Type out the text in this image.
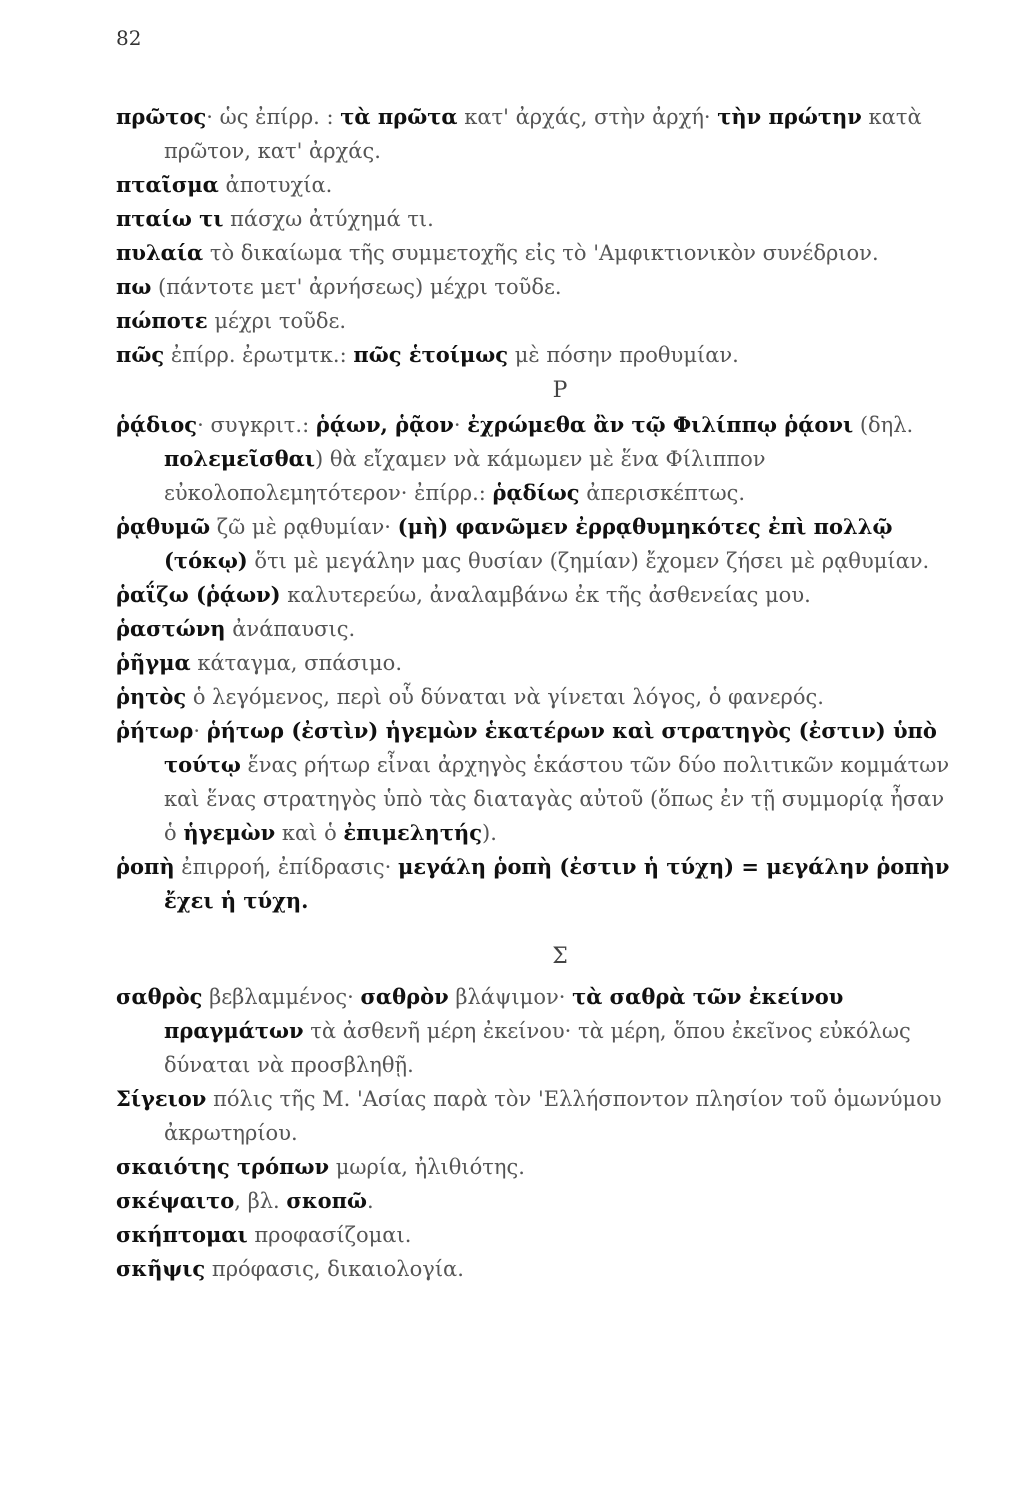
82

πρῶτος· ὡς ἐπίρρ. : τὰ πρῶτα κατ' ἀρχάς, στὴν ἀρχή· τὴν πρώτην κατὰ πρῶτον, κατ' ἀρχάς.

πταῖσμα ἀποτυχία.

πταίω τι πάσχω ἀτύχημά τι.

πυλαία τὸ δικαίωμα τῆς συμμετοχῆς εἰς τὸ 'Αμφικτιονικὸν συνέδριον.

πω (πάντοτε μετ' ἀρνήσεως) μέχρι τοῦδε.

πώποτε μέχρι τοῦδε.

πῶς ἐπίρρ. ἐρωτμτκ.: πῶς ἑτοίμως μὲ πόσην προθυμίαν.

Ρ

ῥᾴδιος· συγκριτ.: ῥᾴων, ῥᾷον· ἐχρώμεθα ἂν τῷ Φιλίππῳ ῥᾴονι (δηλ. πολεμεῖσθαι) θὰ εἴχαμεν νὰ κάμωμεν μὲ ἕνα Φίλιππον εὐκολοπολεμητότερον· ἐπίρρ.: ῥᾳδίως ἀπερισκέπτως.

ῥᾳθυμῶ ζῶ μὲ ρᾳθυμίαν· (μὴ) φανῶμεν ἐρρᾳθυμηκότες ἐπὶ πολλῷ (τόκῳ) ὅτι μὲ μεγάλην μας θυσίαν (ζημίαν) ἔχομεν ζήσει μὲ ρᾳθυμίαν.

ῥαΐζω (ῥᾴων) καλυτερεύω, ἀναλαμβάνω ἐκ τῆς ἀσθενείας μου.

ῥαστώνη ἀνάπαυσις.

ῥῆγμα κάταγμα, σπάσιμο.

ῥητὸς ὁ λεγόμενος, περὶ οὗ δύναται νὰ γίνεται λόγος, ὁ φανερός.

ῥήτωρ· ῥήτωρ (ἐστὶν) ἡγεμὼν ἑκατέρων καὶ στρατηγὸς (ἐστιν) ὑπὸ τούτῳ ἕνας ρήτωρ εἶναι ἀρχηγὸς ἑκάστου τῶν δύο πολιτικῶν κομμάτων καὶ ἕνας στρατηγὸς ὑπὸ τὰς διαταγὰς αὐτοῦ (ὅπως ἐν τῇ συμμορίᾳ ἦσαν ὁ ἡγεμὼν καὶ ὁ ἐπιμελητής).

ῥοπὴ ἐπιρροή, ἐπίδρασις· μεγάλη ῥοπὴ (ἐστιν ἡ τύχη) = μεγάλην ῥοπὴν ἔχει ἡ τύχη.

Σ

σαθρὸς βεβλαμμένος· σαθρὸν βλάψιμον· τὰ σαθρὰ τῶν ἐκείνου πραγμάτων τὰ ἀσθενῆ μέρη ἐκείνου· τὰ μέρη, ὅπου ἐκεῖνος εὐκόλως δύναται νὰ προσβληθῇ.

Σίγειον πόλις τῆς Μ. 'Ασίας παρὰ τὸν 'Ελλήσποντον πλησίον τοῦ ὁμωνύμου ἀκρωτηρίου.

σκαιότης τρόπων μωρία, ἠλιθιότης.

σκέψαιτο, βλ. σκοπῶ.

σκήπτομαι προφασίζομαι.

σκῆψις πρόφασις, δικαιολογία.
